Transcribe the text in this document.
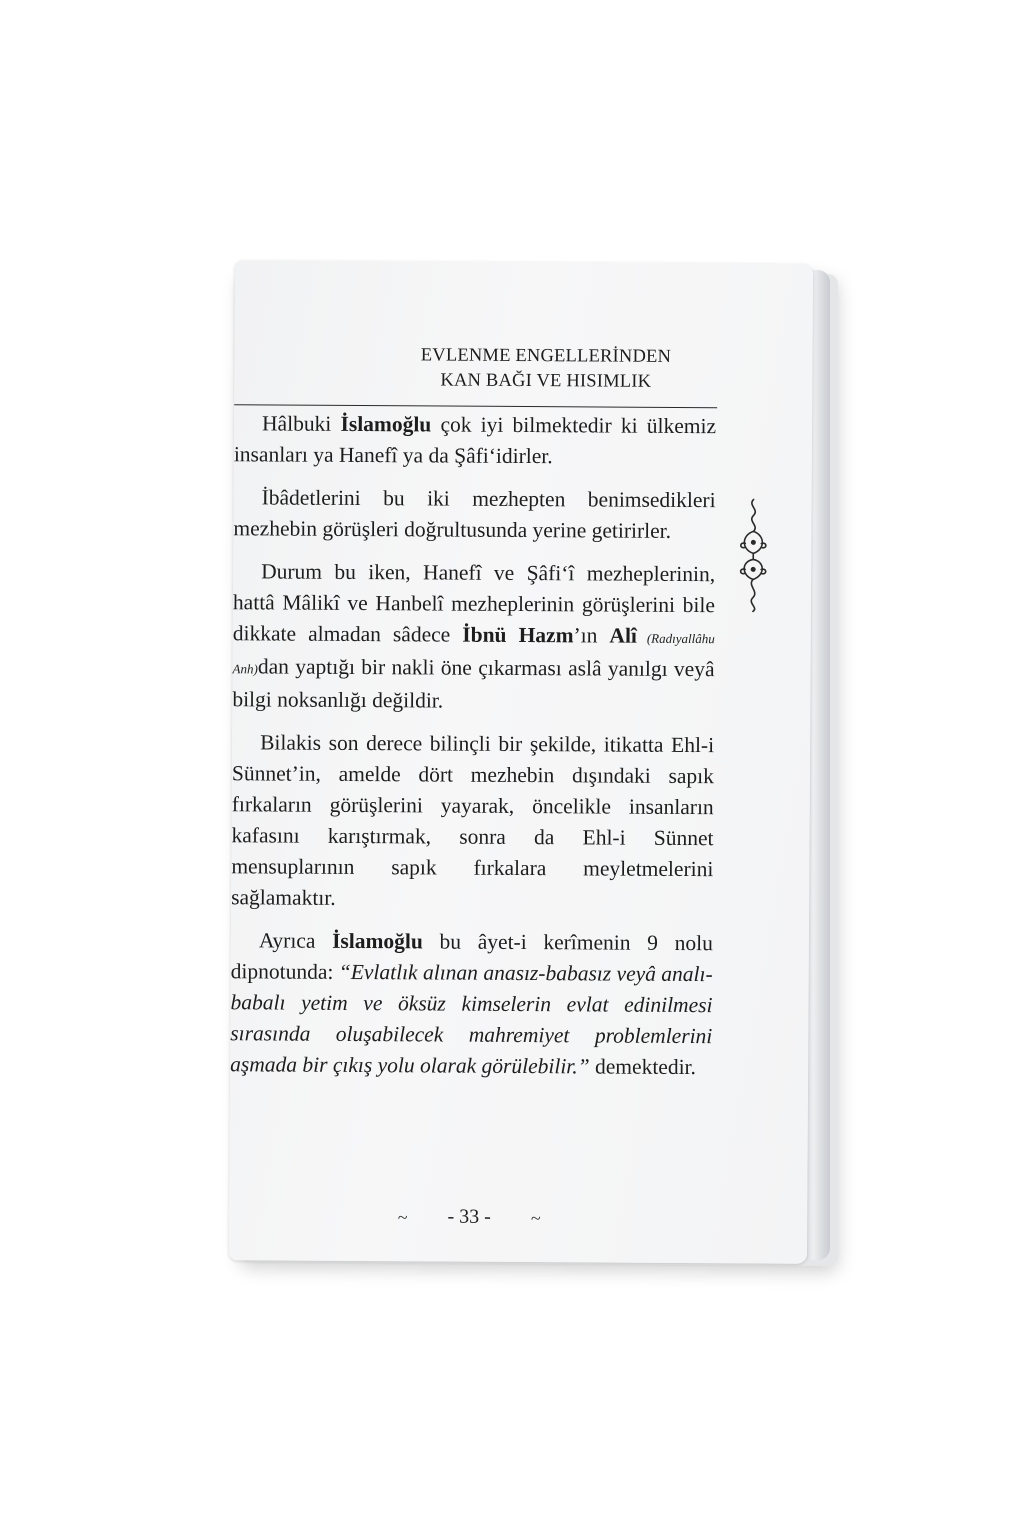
EVLENME ENGELLERİNDEN
KAN BAĞI VE HISIMLIK

Hâlbuki İslamoğlu çok iyi bilmektedir ki ülkemiz insanları ya Hanefî ya da Şâfi‘idirler.

İbâdetlerini bu iki mezhepten benimsedikleri mezhebin görüşleri doğrultusunda yerine getirirler.

Durum bu iken, Hanefî ve Şâfi‘î mezheplerinin, hattâ Mâlikî ve Hanbelî mezheplerinin görüşlerini bile dikkate almadan sâdece İbnü Hazm’ın Alî (Radıyallâhu Anh)dan yaptığı bir nakli öne çıkarması aslâ yanılgı veyâ bilgi noksanlığı değildir.

Bilakis son derece bilinçli bir şekilde, itikatta Ehl-i Sünnet’in, amelde dört mezhebin dışındaki sapık fırkaların görüşlerini yayarak, öncelikle insanların kafasını karıştırmak, sonra da Ehl-i Sünnet mensuplarının sapık fırkalara meyletmelerini sağlamaktır.

Ayrıca İslamoğlu bu âyet-i kerîmenin 9 nolu dipnotunda: “Evlatlık alınan anasız-babasız veyâ analı-babalı yetim ve öksüz kimselerin evlat edinilmesi sırasında oluşabilecek mahremiyet problemlerini aşmada bir çıkış yolu olarak görülebilir.” demektedir.

~ - 33 - ~
